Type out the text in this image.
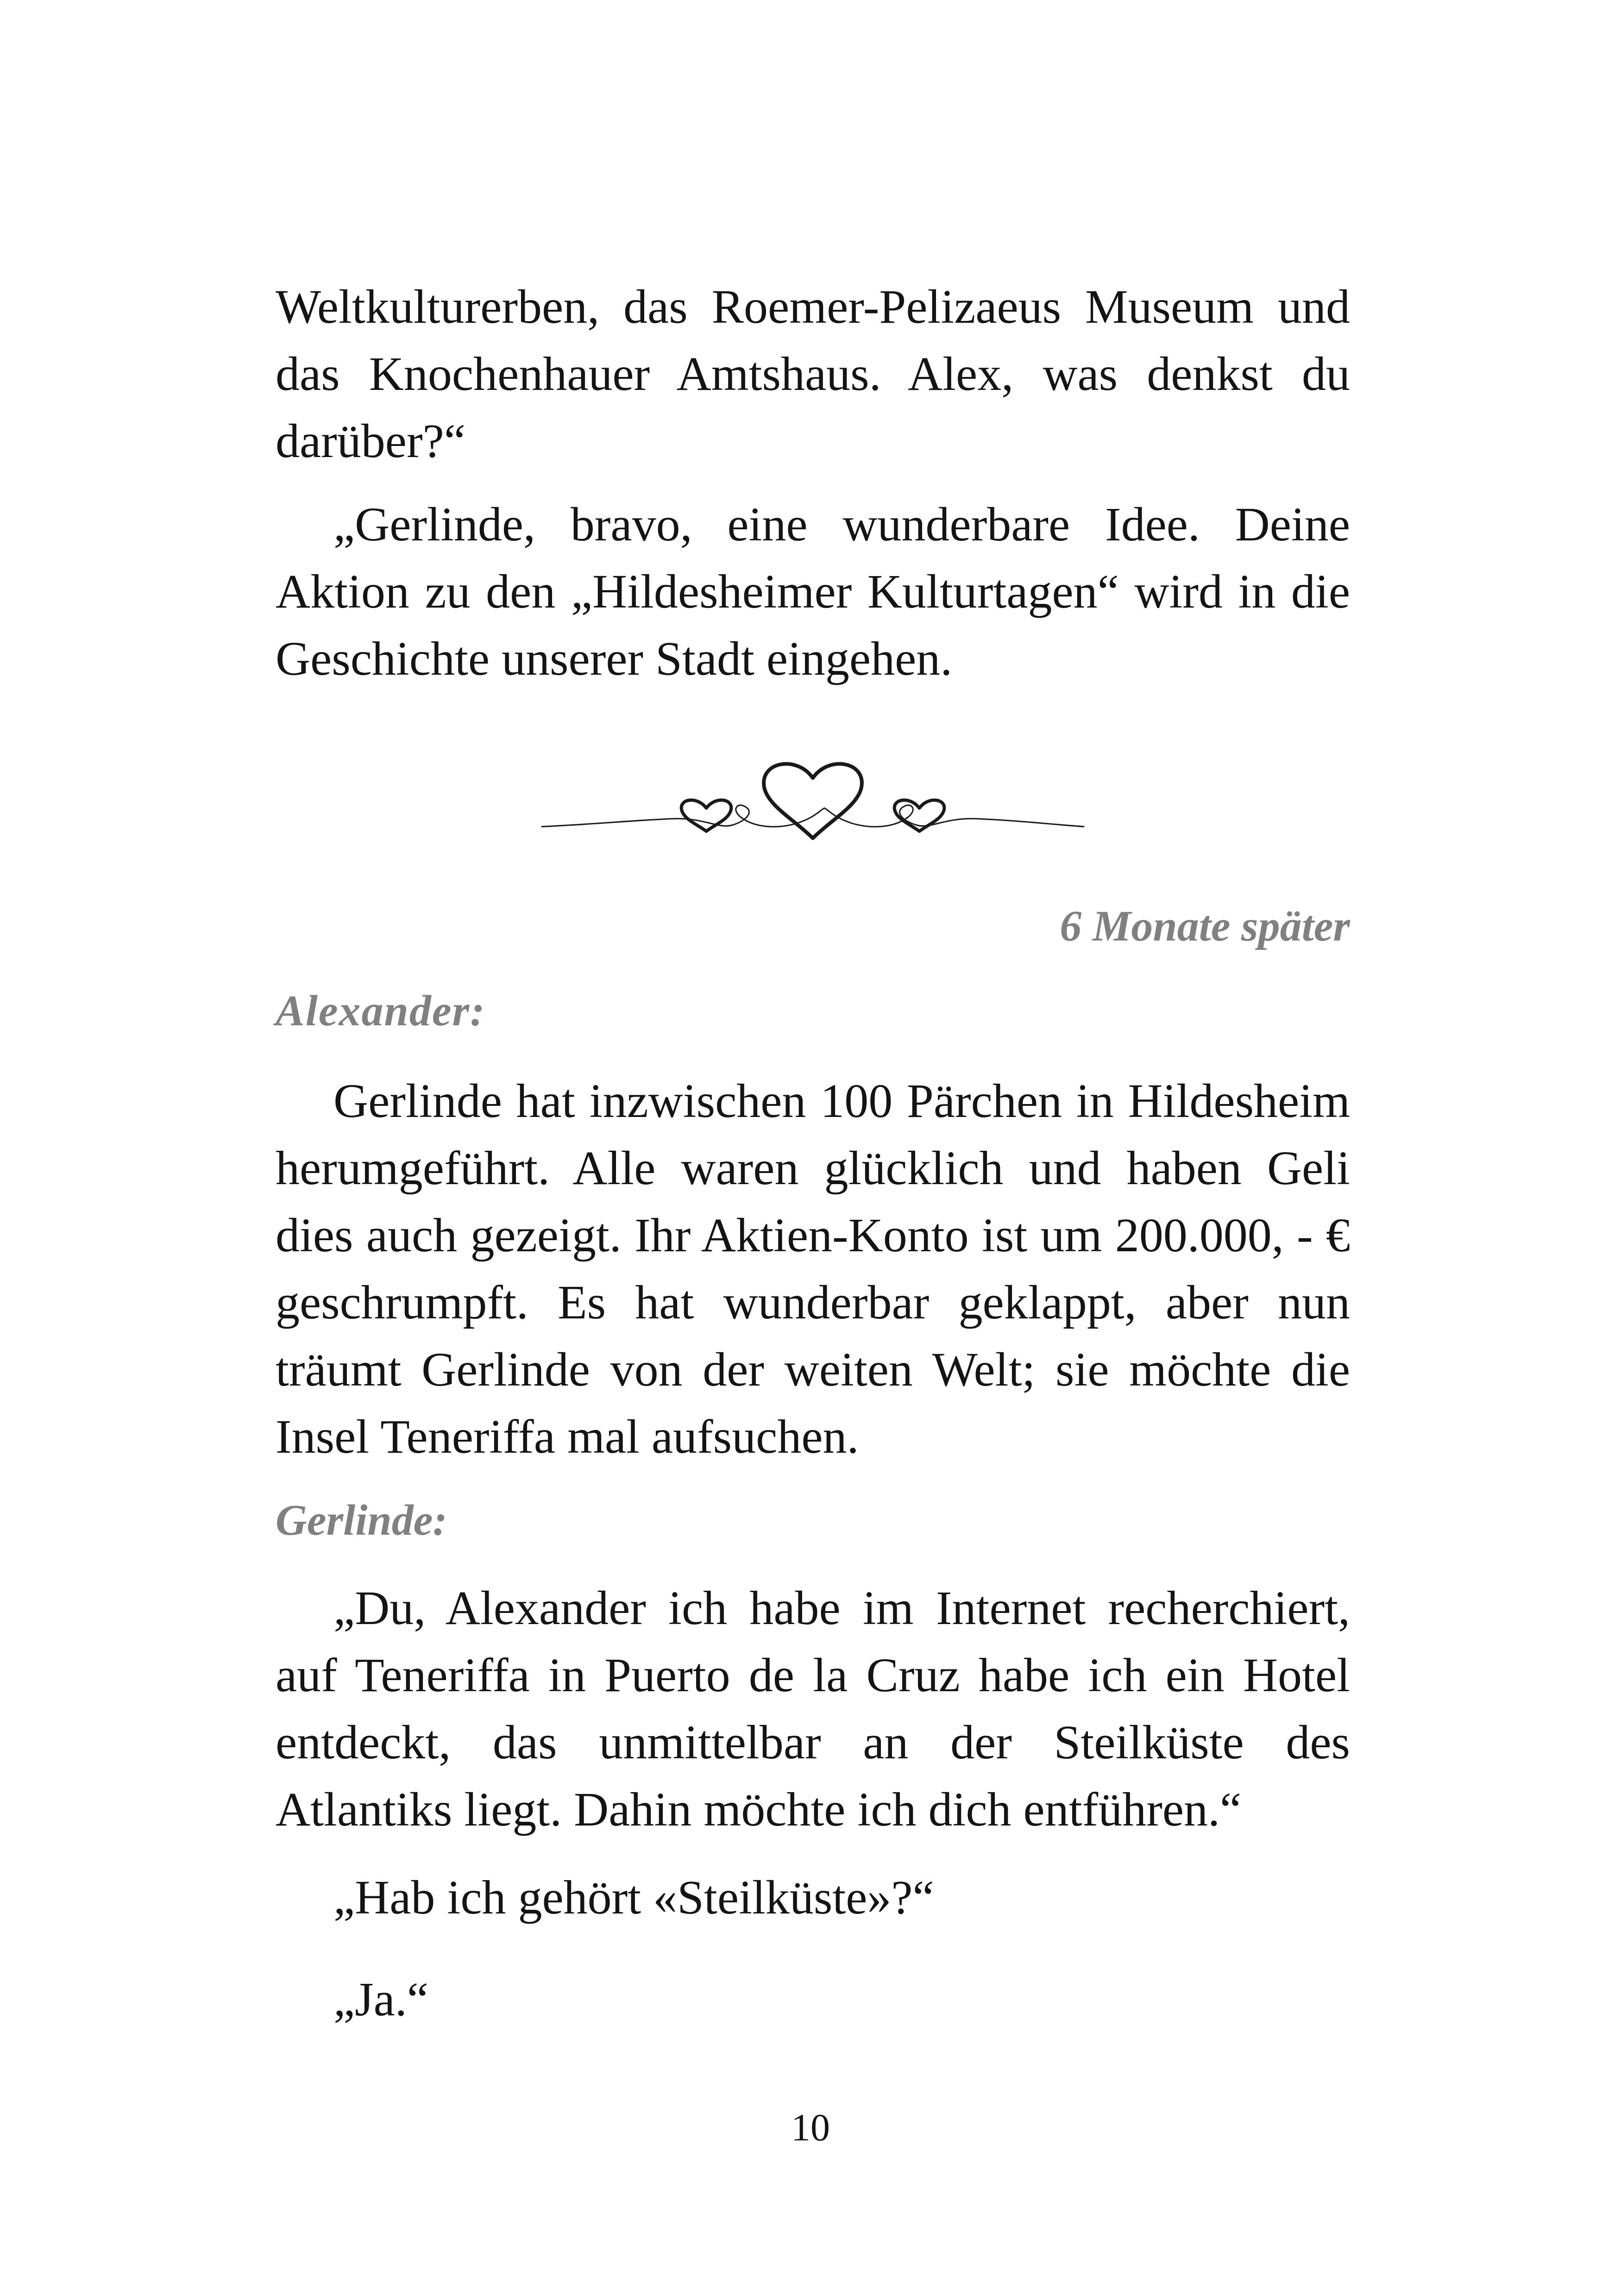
Weltkulturerben, das Roemer-Pelizaeus Museum und das Knochenhauer Amtshaus. Alex, was denkst du darüber?“

„Gerlinde, bravo, eine wunderbare Idee. Deine Aktion zu den „Hildesheimer Kulturtagen“ wird in die Geschichte unserer Stadt eingehen.

6 Monate später
Alexander:

Gerlinde hat inzwischen 100 Pärchen in Hildesheim herumgeführt. Alle waren glücklich und haben Geli dies auch gezeigt. Ihr Aktien-Konto ist um 200.000, - € geschrumpft. Es hat wunderbar geklappt, aber nun träumt Gerlinde von der weiten Welt; sie möchte die Insel Teneriffa mal aufsuchen.

Gerlinde:

„Du, Alexander ich habe im Internet recherchiert, auf Teneriffa in Puerto de la Cruz habe ich ein Hotel entdeckt, das unmittelbar an der Steilküste des Atlantiks liegt. Dahin möchte ich dich entführen.“

„Hab ich gehört «Steilküste»?“
„Ja.“
10
